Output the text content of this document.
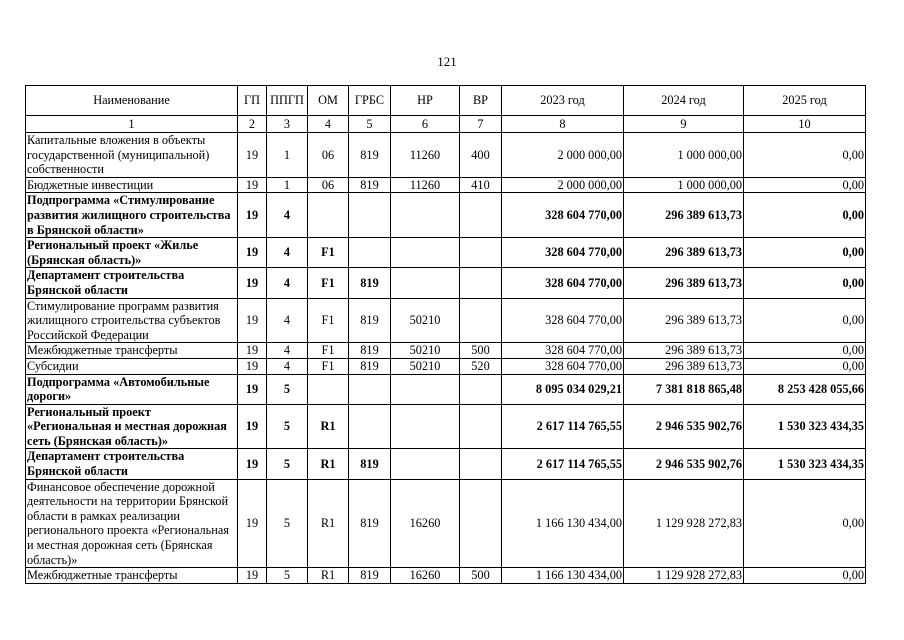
121
Наименование	ГП	ППГП	ОМ	ГРБС	НР	ВР	2023 год	2024 год	2025 год
1	2	3	4	5	6	7	8	9	10
Капитальные вложения в объекты государственной (муниципальной) собственности	19	1	06	819	11260	400	2 000 000,00	1 000 000,00	0,00
Бюджетные инвестиции	19	1	06	819	11260	410	2 000 000,00	1 000 000,00	0,00
Подпрограмма «Стимулирование развития жилищного строительства в Брянской области»	19	4					328 604 770,00	296 389 613,73	0,00
Региональный проект «Жилье (Брянская область)»	19	4	F1				328 604 770,00	296 389 613,73	0,00
Департамент строительства Брянской области	19	4	F1	819			328 604 770,00	296 389 613,73	0,00
Стимулирование программ развития жилищного строительства субъектов Российской Федерации	19	4	F1	819	50210		328 604 770,00	296 389 613,73	0,00
Межбюджетные трансферты	19	4	F1	819	50210	500	328 604 770,00	296 389 613,73	0,00
Субсидии	19	4	F1	819	50210	520	328 604 770,00	296 389 613,73	0,00
Подпрограмма «Автомобильные дороги»	19	5					8 095 034 029,21	7 381 818 865,48	8 253 428 055,66
Региональный проект «Региональная и местная дорожная сеть (Брянская область)»	19	5	R1				2 617 114 765,55	2 946 535 902,76	1 530 323 434,35
Департамент строительства Брянской области	19	5	R1	819			2 617 114 765,55	2 946 535 902,76	1 530 323 434,35
Финансовое обеспечение дорожной деятельности на территории Брянской области в рамках реализации регионального проекта «Региональная и местная дорожная сеть (Брянская область)»	19	5	R1	819	16260		1 166 130 434,00	1 129 928 272,83	0,00
Межбюджетные трансферты	19	5	R1	819	16260	500	1 166 130 434,00	1 129 928 272,83	0,00
